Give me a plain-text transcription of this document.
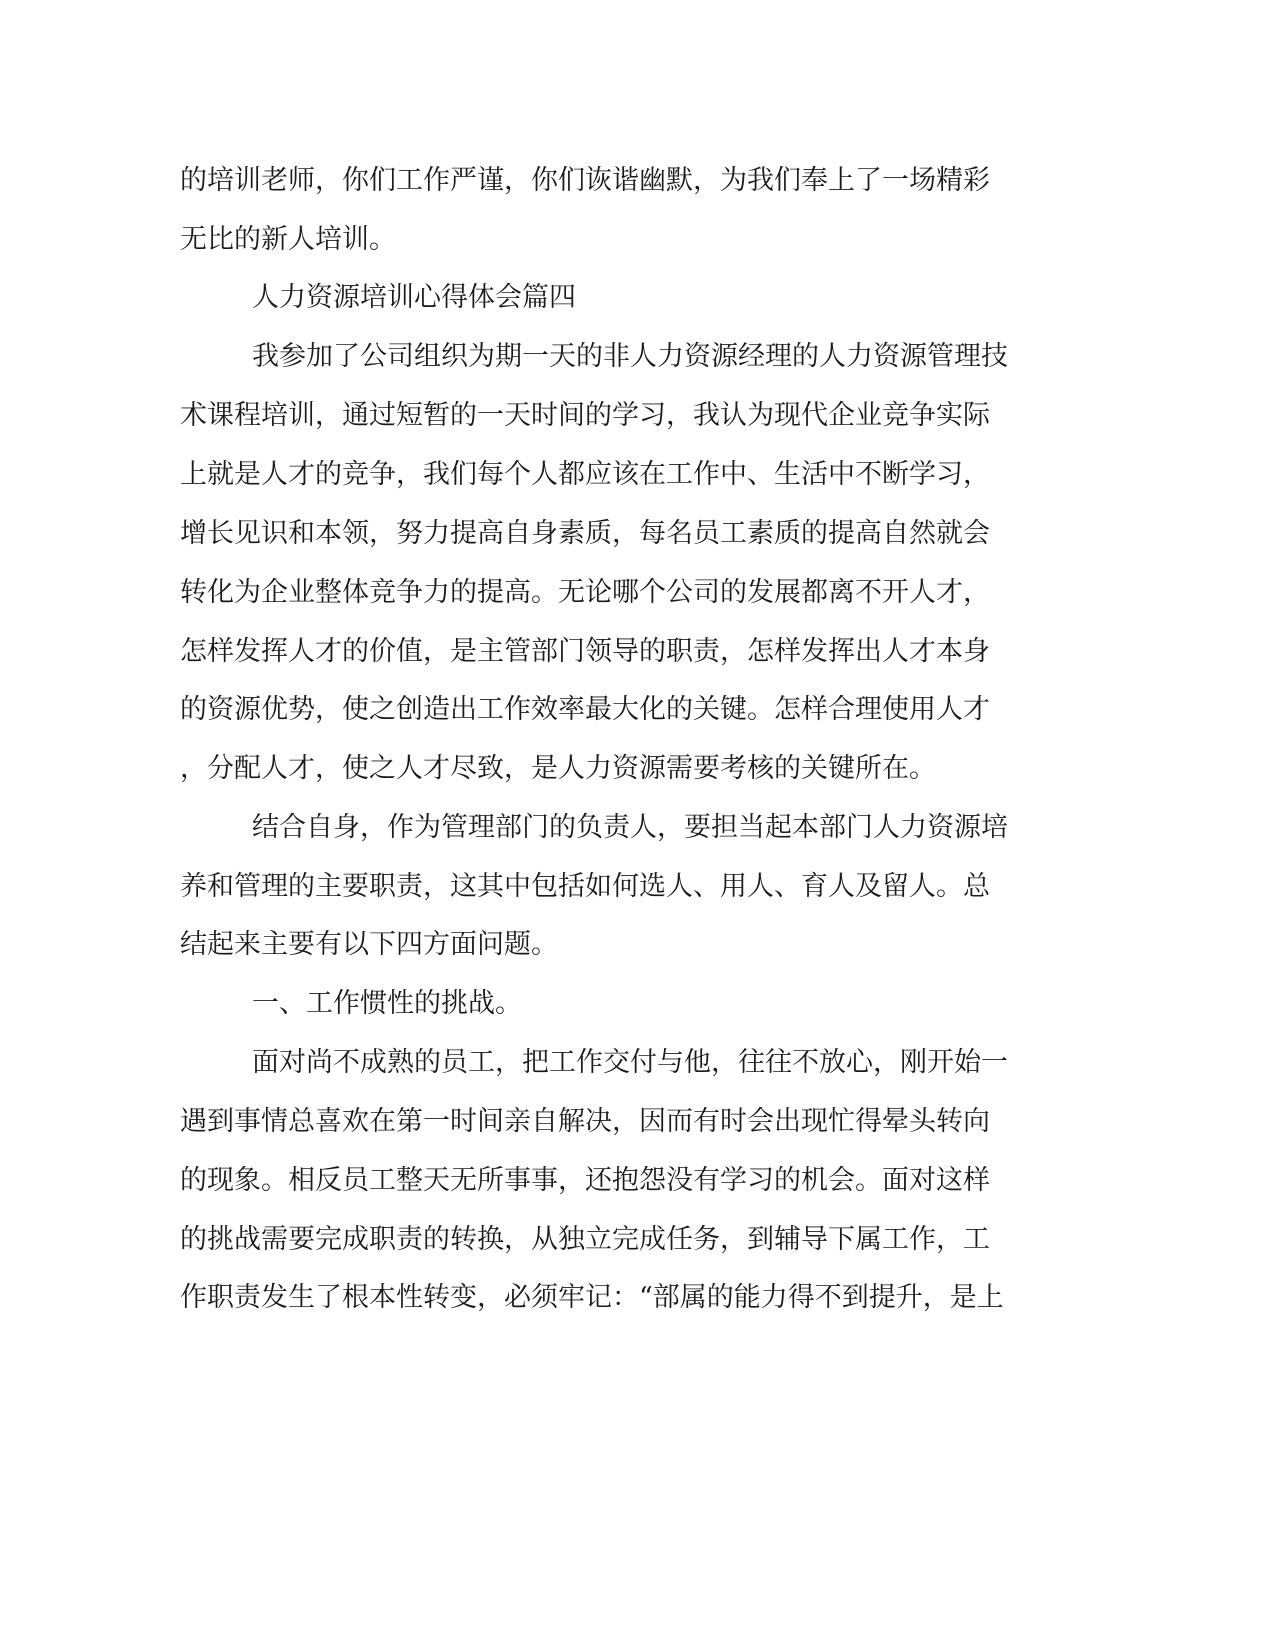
的培训老师，你们工作严谨，你们诙谐幽默，为我们奉上了一场精彩
无比的新人培训。
人力资源培训心得体会篇四
我参加了公司组织为期一天的非人力资源经理的人力资源管理技
术课程培训，通过短暂的一天时间的学习，我认为现代企业竞争实际
上就是人才的竞争，我们每个人都应该在工作中、生活中不断学习，
增长见识和本领，努力提高自身素质，每名员工素质的提高自然就会
转化为企业整体竞争力的提高。无论哪个公司的发展都离不开人才，
怎样发挥人才的价值，是主管部门领导的职责，怎样发挥出人才本身
的资源优势，使之创造出工作效率最大化的关键。怎样合理使用人才
，分配人才，使之人才尽致，是人力资源需要考核的关键所在。
结合自身，作为管理部门的负责人，要担当起本部门人力资源培
养和管理的主要职责，这其中包括如何选人、用人、育人及留人。总
结起来主要有以下四方面问题。
一、工作惯性的挑战。
面对尚不成熟的员工，把工作交付与他，往往不放心，刚开始一
遇到事情总喜欢在第一时间亲自解决，因而有时会出现忙得晕头转向
的现象。相反员工整天无所事事，还抱怨没有学习的机会。面对这样
的挑战需要完成职责的转换，从独立完成任务，到辅导下属工作，工
作职责发生了根本性转变，必须牢记：“部属的能力得不到提升，是上
